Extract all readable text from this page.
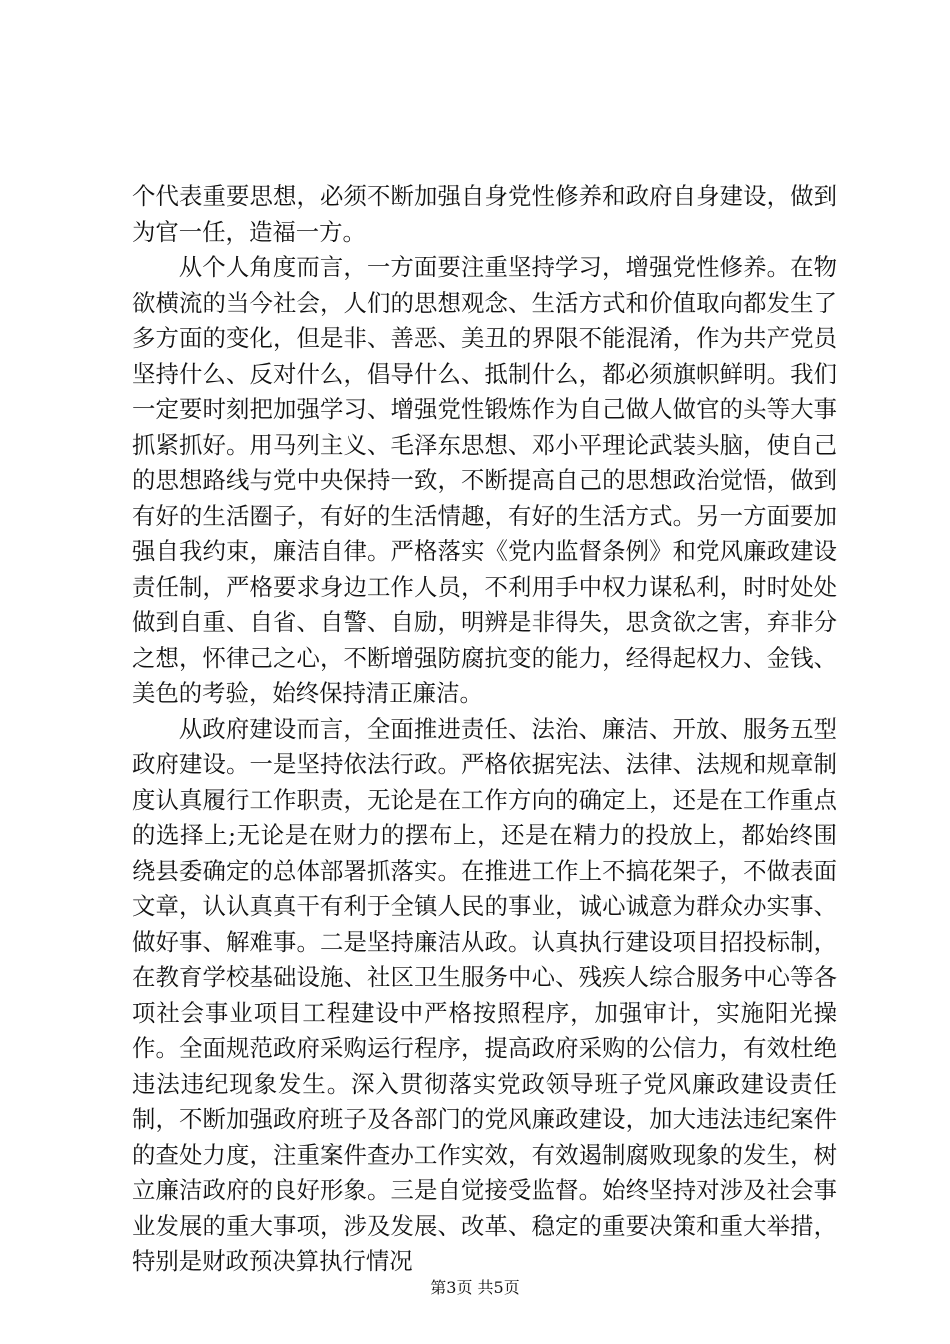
个代表重要思想，必须不断加强自身党性修养和政府自身建设，做到为官一任，造福一方。

从个人角度而言，一方面要注重坚持学习，增强党性修养。在物欲横流的当今社会，人们的思想观念、生活方式和价值取向都发生了多方面的变化，但是非、善恶、美丑的界限不能混淆，作为共产党员坚持什么、反对什么，倡导什么、抵制什么，都必须旗帜鲜明。我们一定要时刻把加强学习、增强党性锻炼作为自己做人做官的头等大事抓紧抓好。用马列主义、毛泽东思想、邓小平理论武装头脑，使自己的思想路线与党中央保持一致，不断提高自己的思想政治觉悟，做到有好的生活圈子，有好的生活情趣，有好的生活方式。另一方面要加强自我约束，廉洁自律。严格落实《党内监督条例》和党风廉政建设责任制，严格要求身边工作人员，不利用手中权力谋私利，时时处处做到自重、自省、自警、自励，明辨是非得失，思贪欲之害，弃非分之想，怀律己之心，不断增强防腐抗变的能力，经得起权力、金钱、美色的考验，始终保持清正廉洁。

从政府建设而言，全面推进责任、法治、廉洁、开放、服务五型政府建设。一是坚持依法行政。严格依据宪法、法律、法规和规章制度认真履行工作职责，无论是在工作方向的确定上，还是在工作重点的选择上;无论是在财力的摆布上，还是在精力的投放上，都始终围绕县委确定的总体部署抓落实。在推进工作上不搞花架子，不做表面文章，认认真真干有利于全镇人民的事业，诚心诚意为群众办实事、做好事、解难事。二是坚持廉洁从政。认真执行建设项目招投标制，在教育学校基础设施、社区卫生服务中心、残疾人综合服务中心等各项社会事业项目工程建设中严格按照程序，加强审计，实施阳光操作。全面规范政府采购运行程序，提高政府采购的公信力，有效杜绝违法违纪现象发生。深入贯彻落实党政领导班子党风廉政建设责任制，不断加强政府班子及各部门的党风廉政建设，加大违法违纪案件的查处力度，注重案件查办工作实效，有效遏制腐败现象的发生，树立廉洁政府的良好形象。三是自觉接受监督。始终坚持对涉及社会事业发展的重大事项，涉及发展、改革、稳定的重要决策和重大举措，特别是财政预决算执行情况

第3页 共5页
